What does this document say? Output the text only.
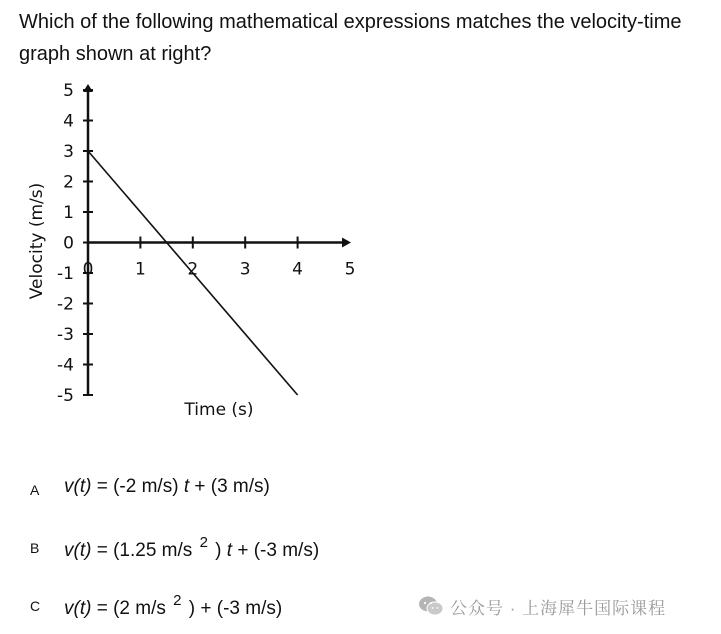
Which of the following mathematical expressions matches the velocity-time graph shown at right?

5
4
3
2
1
0
-1
-2
-3
-4
-5
0 1 2 3 4 5
Time (s)
Velocity (m/s)
A v(t) = (-2 m/s) t + (3 m/s)
B v(t) = (1.25 m/s $^2$ ) t + (-3 m/s)
C v(t) = (2 m/s $^2$ ) + (-3 m/s)	公众号 · 上海犀牛国际课程
